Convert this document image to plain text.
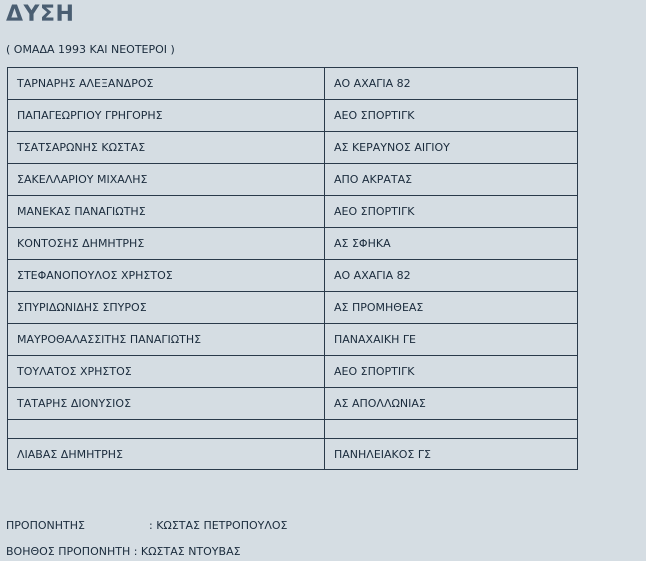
ΔΥΣΗ
( ΟΜΑΔΑ 1993 ΚΑΙ ΝΕΟΤΕΡΟΙ )
ΤΑΡΝΑΡΗΣ ΑΛΕΞΑΝΔΡΟΣ	ΑΟ ΑΧΑΓΙΑ 82
ΠΑΠΑΓΕΩΡΓΙΟΥ ΓΡΗΓΟΡΗΣ	ΑΕΟ ΣΠΟΡΤΙΓΚ
ΤΣΑΤΣΑΡΩΝΗΣ ΚΩΣΤΑΣ	ΑΣ ΚΕΡΑΥΝΟΣ ΑΙΓΙΟΥ
ΣΑΚΕΛΛΑΡΙΟΥ ΜΙΧΑΛΗΣ	ΑΠΟ ΑΚΡΑΤΑΣ
ΜΑΝΕΚΑΣ ΠΑΝΑΓΙΩΤΗΣ	ΑΕΟ ΣΠΟΡΤΙΓΚ
ΚΟΝΤΟΣΗΣ ΔΗΜΗΤΡΗΣ	ΑΣ ΣΦΗΚΑ
ΣΤΕΦΑΝΟΠΟΥΛΟΣ ΧΡΗΣΤΟΣ	ΑΟ ΑΧΑΓΙΑ 82
ΣΠΥΡΙΔΩΝΙΔΗΣ ΣΠΥΡΟΣ	ΑΣ ΠΡΟΜΗΘΕΑΣ
ΜΑΥΡΟΘΑΛΑΣΣΙΤΗΣ ΠΑΝΑΓΙΩΤΗΣ	ΠΑΝΑΧΑΙΚΗ ΓΕ
ΤΟΥΛΑΤΟΣ ΧΡΗΣΤΟΣ	ΑΕΟ ΣΠΟΡΤΙΓΚ
ΤΑΤΑΡΗΣ ΔΙΟΝΥΣΙΟΣ	ΑΣ ΑΠΟΛΛΩΝΙΑΣ

ΛΙΑΒΑΣ ΔΗΜΗΤΡΗΣ	ΠΑΝΗΛΕΙΑΚΟΣ ΓΣ
ΠΡΟΠΟΝΗΤΗΣ	: ΚΩΣΤΑΣ ΠΕΤΡΟΠΟΥΛΟΣ
ΒΟΗΘΟΣ ΠΡΟΠΟΝΗΤΗ : ΚΩΣΤΑΣ ΝΤΟΥΒΑΣ
